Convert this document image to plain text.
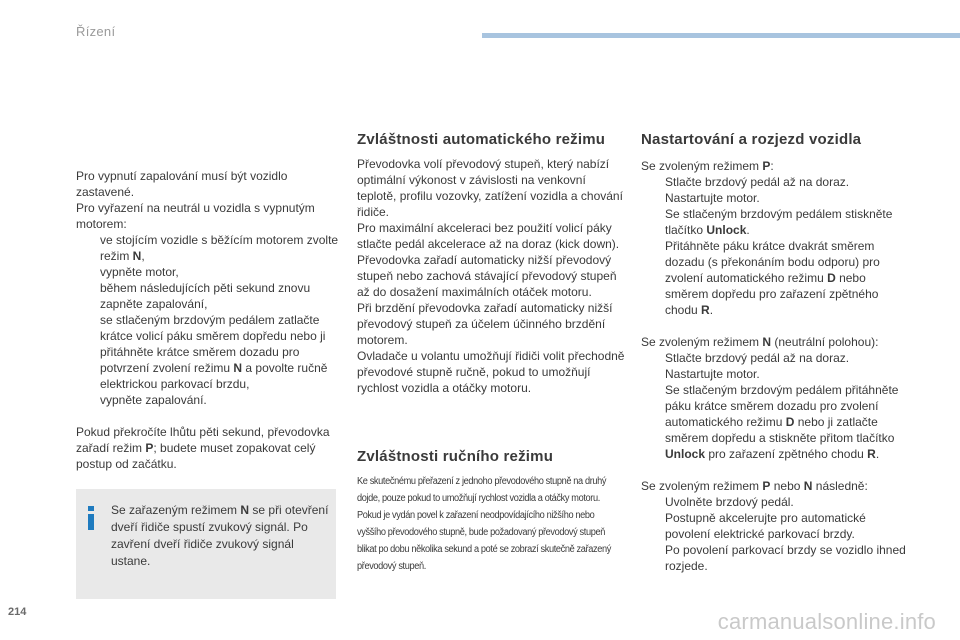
Řízení

Pro vypnutí zapalování musí být vozidlo zastavené.

Pro vyřazení na neutrál u vozidla s vypnutým motorem:

ve stojícím vozidle s běžícím motorem zvolte režim N,
vypněte motor,
během následujících pěti sekund znovu zapněte zapalování,
se stlačeným brzdovým pedálem zatlačte krátce volicí páku směrem dopředu nebo ji přitáhněte krátce směrem dozadu pro potvrzení zvolení režimu N a povolte ručně elektrickou parkovací brzdu,
vypněte zapalování.

Pokud překročíte lhůtu pěti sekund, převodovka zařadí režim P; budete muset zopakovat celý postup od začátku.

Se zařazeným režimem N se při otevření dveří řidiče spustí zvukový signál. Po zavření dveří řidiče zvukový signál ustane.
Zvláštnosti automatického režimu

Převodovka volí převodový stupeň, který nabízí optimální výkonost v závislosti na venkovní teplotě, profilu vozovky, zatížení vozidla a chování řidiče.

Pro maximální akceleraci bez použití volicí páky stlačte pedál akcelerace až na doraz (kick down). Převodovka zařadí automaticky nižší převodový stupeň nebo zachová stávající převodový stupeň až do dosažení maximálních otáček motoru.

Při brzdění převodovka zařadí automaticky nižší převodový stupeň za účelem účinného brzdění motorem.

Ovladače u volantu umožňují řidiči volit přechodně převodové stupně ručně, pokud to umožňují rychlost vozidla a otáčky motoru.

Zvláštnosti ručního režimu

Ke skutečnému přeřazení z jednoho převodového stupně na druhý dojde, pouze pokud to umožňují rychlost vozidla a otáčky motoru. Pokud je vydán povel k zařazení neodpovídajícího nižšího nebo vyššího převodového stupně, bude požadovaný převodový stupeň blikat po dobu několika sekund a poté se zobrazí skutečně zařazený převodový stupeň.

Nastartování a rozjezd vozidla

Se zvoleným režimem P:

Stlačte brzdový pedál až na doraz.
Nastartujte motor.
Se stlačeným brzdovým pedálem stiskněte tlačítko Unlock.
Přitáhněte páku krátce dvakrát směrem dozadu (s překonáním bodu odporu) pro zvolení automatického režimu D nebo směrem dopředu pro zařazení zpětného chodu R.

Se zvoleným režimem N (neutrální polohou):

Stlačte brzdový pedál až na doraz.
Nastartujte motor.
Se stlačeným brzdovým pedálem přitáhněte páku krátce směrem dozadu pro zvolení automatického režimu D nebo ji zatlačte směrem dopředu a stiskněte přitom tlačítko Unlock pro zařazení zpětného chodu R.

Se zvoleným režimem P nebo N následně:

Uvolněte brzdový pedál.
Postupně akcelerujte pro automatické povolení elektrické parkovací brzdy.
Po povolení parkovací brzdy se vozidlo ihned rozjede.
214	carmanualsonline.info
